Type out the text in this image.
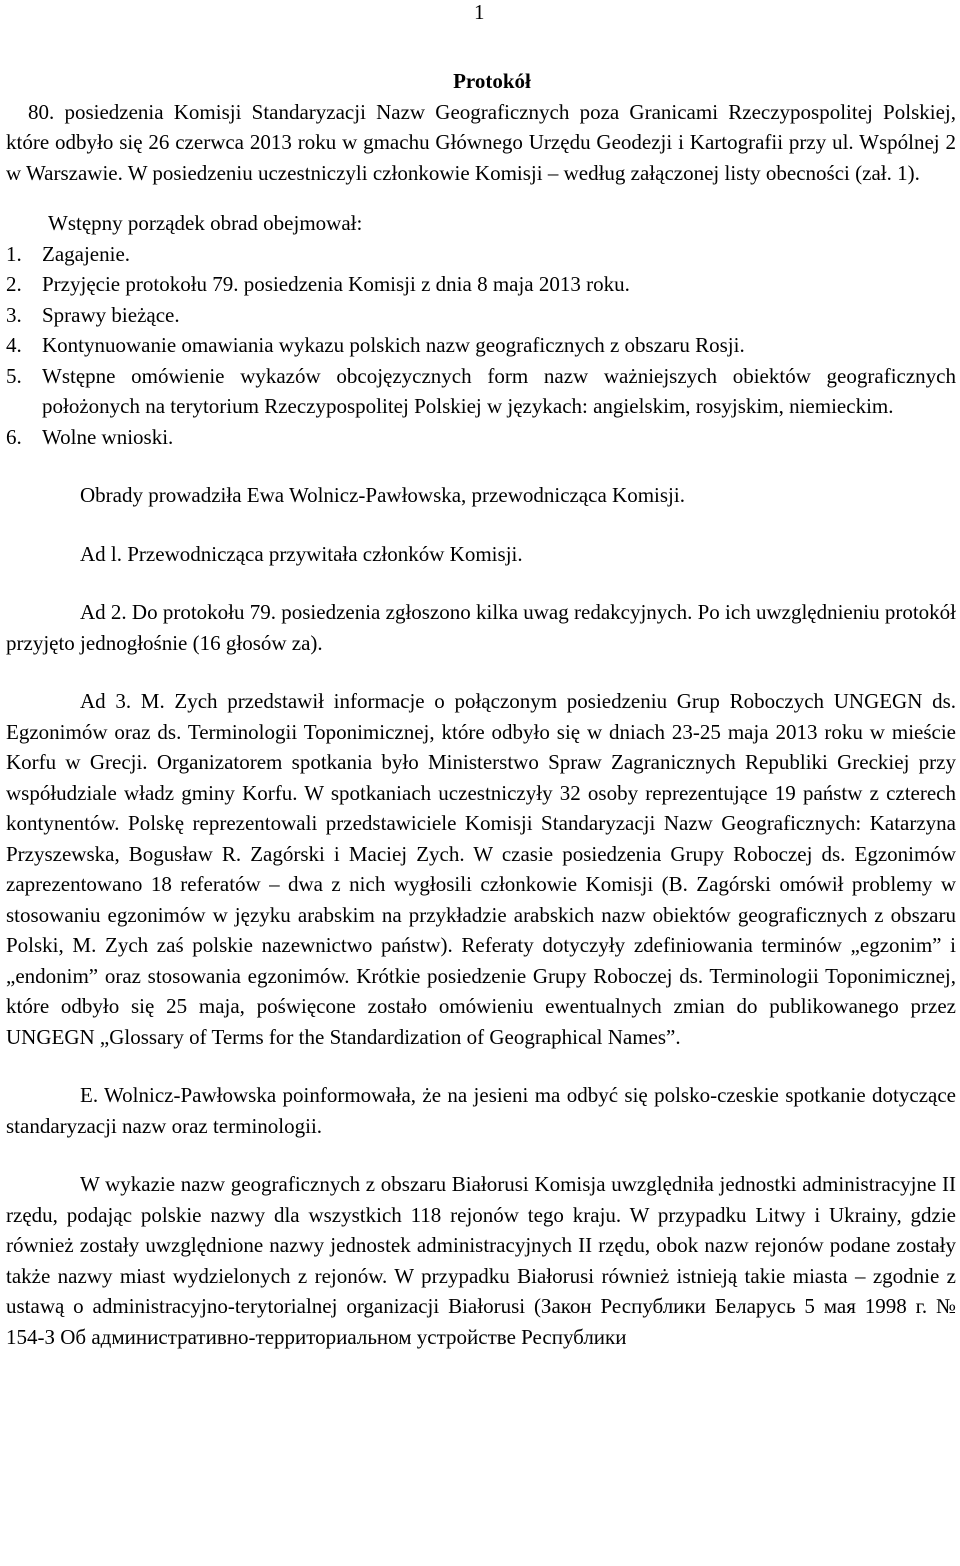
1

Protokół

80. posiedzenia Komisji Standaryzacji Nazw Geograficznych poza Granicami Rzeczypospolitej Polskiej, które odbyło się 26 czerwca 2013 roku w gmachu Głównego Urzędu Geodezji i Kartografii przy ul. Wspólnej 2 w Warszawie. W posiedzeniu uczestniczyli członkowie Komisji – według załączonej listy obecności (zał. 1).

Wstępny porządek obrad obejmował:

1. Zagajenie.
2. Przyjęcie protokołu 79. posiedzenia Komisji z dnia 8 maja 2013 roku.
3. Sprawy bieżące.
4. Kontynuowanie omawiania wykazu polskich nazw geograficznych z obszaru Rosji.
5. Wstępne omówienie wykazów obcojęzycznych form nazw ważniejszych obiektów geograficznych położonych na terytorium Rzeczypospolitej Polskiej w językach: angielskim, rosyjskim, niemieckim.
6. Wolne wnioski.

Obrady prowadziła Ewa Wolnicz-Pawłowska, przewodnicząca Komisji.

Ad l. Przewodnicząca przywitała członków Komisji.

Ad 2. Do protokołu 79. posiedzenia zgłoszono kilka uwag redakcyjnych. Po ich uwzględnieniu protokół przyjęto jednogłośnie (16 głosów za).

Ad 3. M. Zych przedstawił informacje o połączonym posiedzeniu Grup Roboczych UNGEGN ds. Egzonimów oraz ds. Terminologii Toponimicznej, które odbyło się w dniach 23-25 maja 2013 roku w mieście Korfu w Grecji. Organizatorem spotkania było Ministerstwo Spraw Zagranicznych Republiki Greckiej przy współudziale władz gminy Korfu. W spotkaniach uczestniczyły 32 osoby reprezentujące 19 państw z czterech kontynentów. Polskę reprezentowali przedstawiciele Komisji Standaryzacji Nazw Geograficznych: Katarzyna Przyszewska, Bogusław R. Zagórski i Maciej Zych. W czasie posiedzenia Grupy Roboczej ds. Egzonimów zaprezentowano 18 referatów – dwa z nich wygłosili członkowie Komisji (B. Zagórski omówił problemy w stosowaniu egzonimów w języku arabskim na przykładzie arabskich nazw obiektów geograficznych z obszaru Polski, M. Zych zaś polskie nazewnictwo państw). Referaty dotyczyły zdefiniowania terminów „egzonim” i „endonim” oraz stosowania egzonimów. Krótkie posiedzenie Grupy Roboczej ds. Terminologii Toponimicznej, które odbyło się 25 maja, poświęcone zostało omówieniu ewentualnych zmian do publikowanego przez UNGEGN „Glossary of Terms for the Standardization of Geographical Names”.

E. Wolnicz-Pawłowska poinformowała, że na jesieni ma odbyć się polsko-czeskie spotkanie dotyczące standaryzacji nazw oraz terminologii.

W wykazie nazw geograficznych z obszaru Białorusi Komisja uwzględniła jednostki administracyjne II rzędu, podając polskie nazwy dla wszystkich 118 rejonów tego kraju. W przypadku Litwy i Ukrainy, gdzie również zostały uwzględnione nazwy jednostek administracyjnych II rzędu, obok nazw rejonów podane zostały także nazwy miast wydzielonych z rejonów. W przypadku Białorusi również istnieją takie miasta – zgodnie z ustawą o administracyjno-terytorialnej organizacji Białorusi (Закон Республики Беларусь 5 мая 1998 г. № 154-З Об административно-территориальном устройстве Республики
